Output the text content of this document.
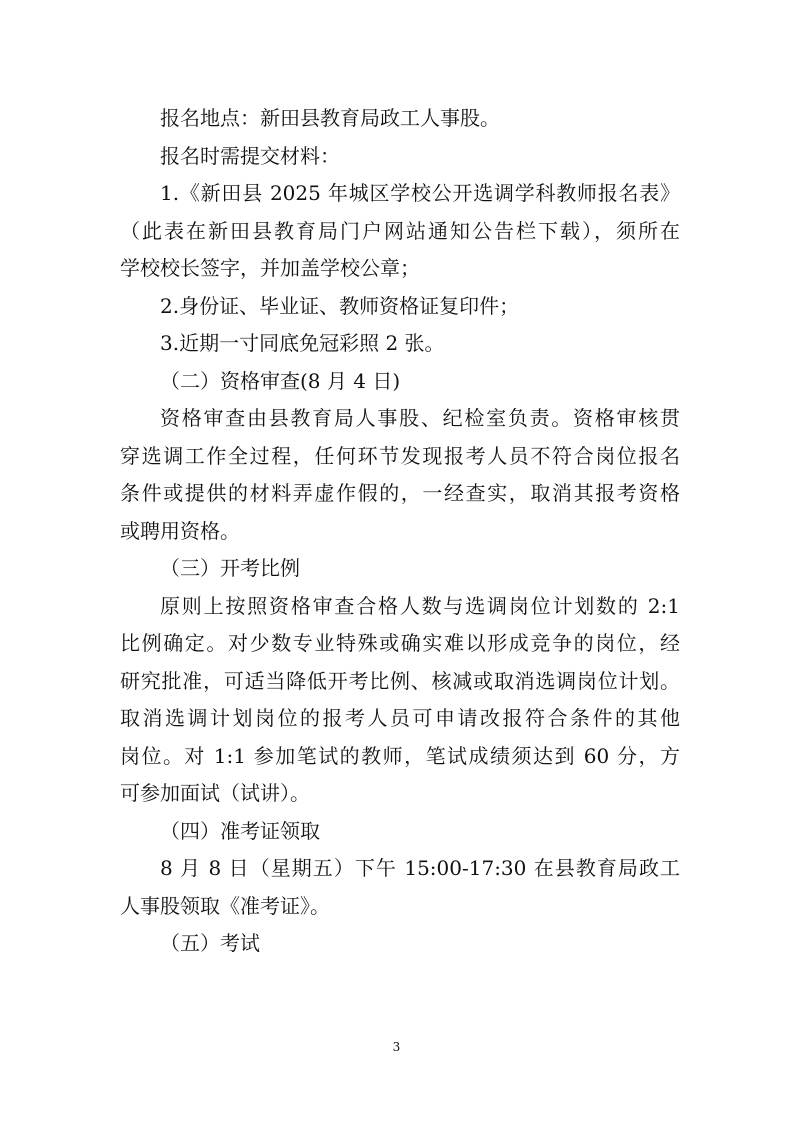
报名地点：新田县教育局政工人事股。
报名时需提交材料：
1.《新田县 2025 年城区学校公开选调学科教师报名表》
（此表在新田县教育局门户网站通知公告栏下载），须所在
学校校长签字，并加盖学校公章；
2.身份证、毕业证、教师资格证复印件；
3.近期一寸同底免冠彩照 2 张。
（二）资格审查(8 月 4 日)
资格审查由县教育局人事股、纪检室负责。资格审核贯
穿选调工作全过程，任何环节发现报考人员不符合岗位报名
条件或提供的材料弄虚作假的，一经查实，取消其报考资格
或聘用资格。
（三）开考比例
原则上按照资格审查合格人数与选调岗位计划数的 2:1
比例确定。对少数专业特殊或确实难以形成竞争的岗位，经
研究批准，可适当降低开考比例、核减或取消选调岗位计划。
取消选调计划岗位的报考人员可申请改报符合条件的其他
岗位。对 1:1 参加笔试的教师，笔试成绩须达到 60 分，方
可参加面试（试讲）。
（四）准考证领取
8 月 8 日（星期五）下午 15:00-17:30 在县教育局政工
人事股领取《准考证》。
（五）考试
3
